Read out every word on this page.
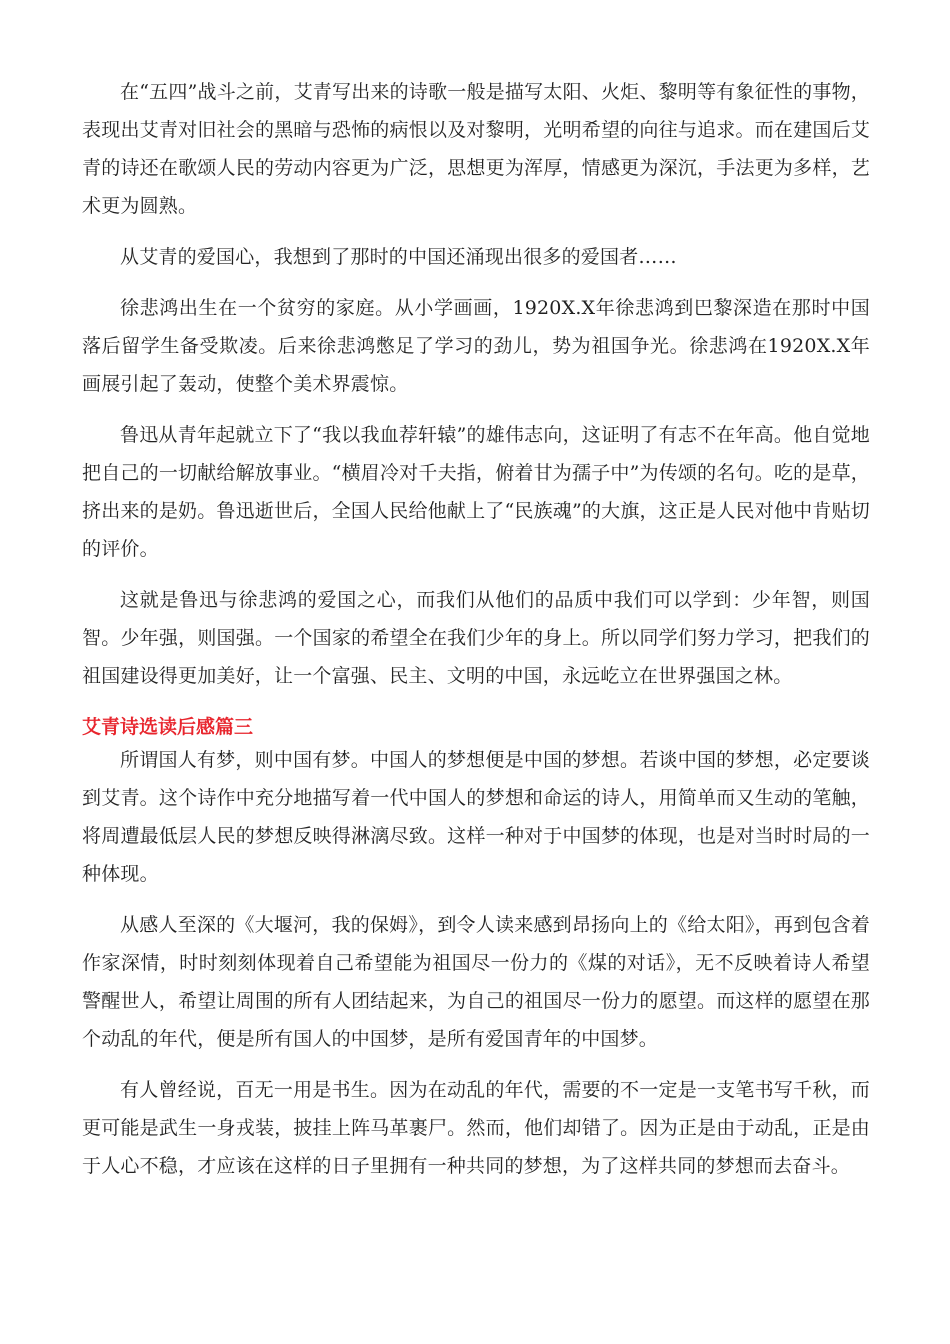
在“五四”战斗之前，艾青写出来的诗歌一般是描写太阳、火炬、黎明等有象征性的事物，表现出艾青对旧社会的黑暗与恐怖的病恨以及对黎明，光明希望的向往与追求。而在建国后艾青的诗还在歌颂人民的劳动内容更为广泛，思想更为浑厚，情感更为深沉，手法更为多样，艺术更为圆熟。

从艾青的爱国心，我想到了那时的中国还涌现出很多的爱国者……

徐悲鸿出生在一个贫穷的家庭。从小学画画，1920X.X年徐悲鸿到巴黎深造在那时中国落后留学生备受欺凌。后来徐悲鸿憋足了学习的劲儿，势为祖国争光。徐悲鸿在1920X.X年画展引起了轰动，使整个美术界震惊。

鲁迅从青年起就立下了“我以我血荐轩辕”的雄伟志向，这证明了有志不在年高。他自觉地把自己的一切献给解放事业。“横眉冷对千夫指，俯着甘为孺子中”为传颂的名句。吃的是草，挤出来的是奶。鲁迅逝世后，全国人民给他献上了“民族魂”的大旗，这正是人民对他中肯贴切的评价。

这就是鲁迅与徐悲鸿的爱国之心，而我们从他们的品质中我们可以学到：少年智，则国智。少年强，则国强。一个国家的希望全在我们少年的身上。所以同学们努力学习，把我们的祖国建设得更加美好，让一个富强、民主、文明的中国，永远屹立在世界强国之林。

艾青诗选读后感篇三

所谓国人有梦，则中国有梦。中国人的梦想便是中国的梦想。若谈中国的梦想，必定要谈到艾青。这个诗作中充分地描写着一代中国人的梦想和命运的诗人，用简单而又生动的笔触，将周遭最低层人民的梦想反映得淋漓尽致。这样一种对于中国梦的体现，也是对当时时局的一种体现。

从感人至深的《大堰河，我的保姆》，到令人读来感到昂扬向上的《给太阳》，再到包含着作家深情，时时刻刻体现着自己希望能为祖国尽一份力的《煤的对话》，无不反映着诗人希望警醒世人，希望让周围的所有人团结起来，为自己的祖国尽一份力的愿望。而这样的愿望在那个动乱的年代，便是所有国人的中国梦，是所有爱国青年的中国梦。

有人曾经说，百无一用是书生。因为在动乱的年代，需要的不一定是一支笔书写千秋，而更可能是武生一身戎装，披挂上阵马革裹尸。然而，他们却错了。因为正是由于动乱，正是由于人心不稳，才应该在这样的日子里拥有一种共同的梦想，为了这样共同的梦想而去奋斗。
